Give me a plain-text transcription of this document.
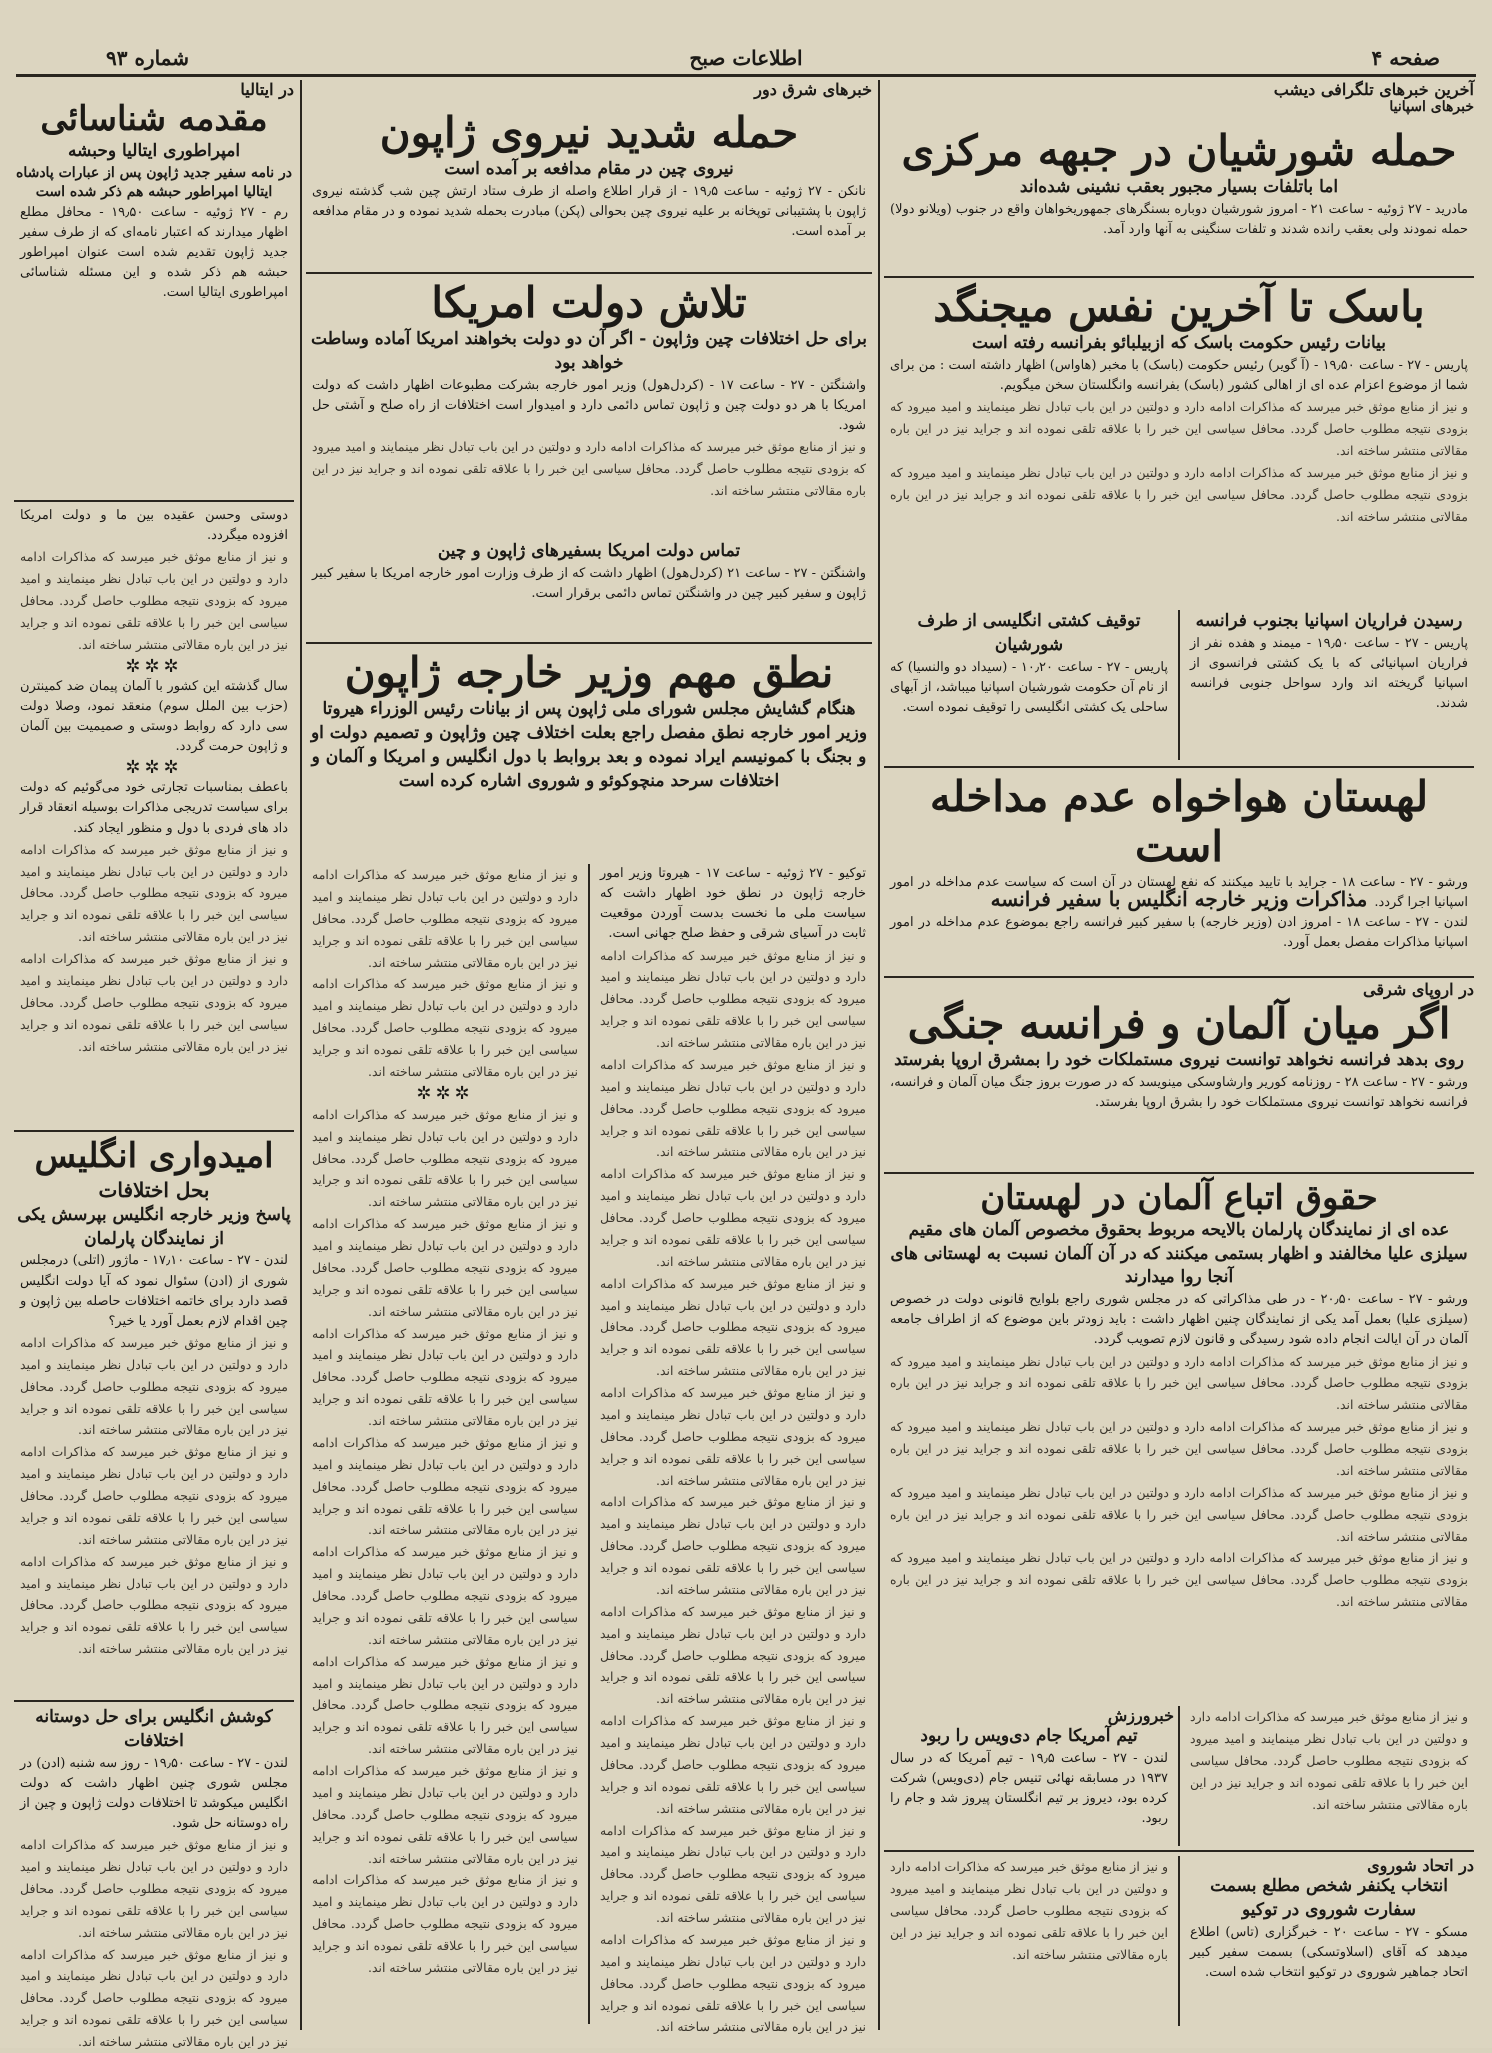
شماره ۹۳	اطلاعات صبح	صفحه ۴
آخرین خبرهای تلگرافی دیشب
خبرهای اسپانیا
حمله شورشیان در جبهه مرکزی
اما باتلفات بسیار مجبور بعقب نشینی شده‌اند
مادرید - ۲۷ ژوئیه - ساعت ۲۱ - امروز شورشیان دوباره بسنگرهای جمهوریخواهان واقع در جنوب (ویلانو دولا) حمله نمودند ولی بعقب رانده شدند و تلفات سنگینی به آنها وارد آمد.
باسک تا آخرین نفس میجنگد
بیانات رئیس حکومت باسک که ازبیلبائو بفرانسه رفته است
پاریس - ۲۷ - ساعت ۱۹٫۵۰ - (آ گویر) رئیس حکومت (باسک) با مخبر (هاواس) اظهار داشته است : من برای شما از موضوع اعزام عده ای از اهالی کشور (باسک) بفرانسه وانگلستان سخن میگویم.
و نیز از منابع موثق خبر میرسد که مذاکرات ادامه دارد و دولتین در این باب تبادل نظر مینمایند و امید میرود که بزودی نتیجه مطلوب حاصل گردد. محافل سیاسی این خبر را با علاقه تلقی نموده اند و جراید نیز در این باره مقالاتی منتشر ساخته اند.
و نیز از منابع موثق خبر میرسد که مذاکرات ادامه دارد و دولتین در این باب تبادل نظر مینمایند و امید میرود که بزودی نتیجه مطلوب حاصل گردد. محافل سیاسی این خبر را با علاقه تلقی نموده اند و جراید نیز در این باره مقالاتی منتشر ساخته اند.
توقیف کشتی انگلیسی از طرف شورشیان
پاریس - ۲۷ - ساعت ۱۰٫۲۰ - (سیداد دو والنسیا) که از نام آن حکومت شورشیان اسپانیا میباشد، از آبهای ساحلی یک کشتی انگلیسی را توقیف نموده است.
رسیدن فراریان اسپانیا بجنوب فرانسه
پاریس - ۲۷ - ساعت ۱۹٫۵۰ - میمند و هفده نفر از فراریان اسپانیائی که با یک کشتی فرانسوی از اسپانیا گریخته اند وارد سواحل جنوبی فرانسه شدند.
لهستان هواخواه عدم مداخله است
ورشو - ۲۷ - ساعت ۱۸ - جراید با تایید میکنند که نفع لهستان در آن است که سیاست عدم مداخله در امور اسپانیا اجرا گردد.
مذاکرات وزیر خارجه انگلیس با سفیر فرانسه
لندن - ۲۷ - ساعت ۱۸ - امروز ادن (وزیر خارجه) با سفیر کبیر فرانسه راجع بموضوع عدم مداخله در امور اسپانیا مذاکرات مفصل بعمل آورد.
در اروپای شرقی
اگر میان آلمان و فرانسه جنگی
روی بدهد فرانسه نخواهد توانست نیروی مستملکات خود را بمشرق اروپا بفرستد
ورشو - ۲۷ - ساعت ۲۸ - روزنامه کوریر وارشاوسکی مینویسد که در صورت بروز جنگ میان آلمان و فرانسه، فرانسه نخواهد توانست نیروی مستملکات خود را بشرق اروپا بفرستد.
حقوق اتباع آلمان در لهستان
عده ای از نمایندگان پارلمان بالایحه مربوط بحقوق مخصوص آلمان های مقیم سیلزی علیا مخالفند و اظهار بستمی میکنند که در آن آلمان نسبت به لهستانی های آنجا روا میدارند
ورشو - ۲۷ - ساعت ۲۰٫۵۰ - در طی مذاکراتی که در مجلس شوری راجع بلوایح قانونی دولت در خصوص (سیلزی علیا) بعمل آمد یکی از نمایندگان چنین اظهار داشت : باید زودتر باین موضوع که از اطراف جامعه آلمان در آن ایالت انجام داده شود رسیدگی و قانون لازم تصویب گردد.
و نیز از منابع موثق خبر میرسد که مذاکرات ادامه دارد و دولتین در این باب تبادل نظر مینمایند و امید میرود که بزودی نتیجه مطلوب حاصل گردد. محافل سیاسی این خبر را با علاقه تلقی نموده اند و جراید نیز در این باره مقالاتی منتشر ساخته اند.
و نیز از منابع موثق خبر میرسد که مذاکرات ادامه دارد و دولتین در این باب تبادل نظر مینمایند و امید میرود که بزودی نتیجه مطلوب حاصل گردد. محافل سیاسی این خبر را با علاقه تلقی نموده اند و جراید نیز در این باره مقالاتی منتشر ساخته اند.
و نیز از منابع موثق خبر میرسد که مذاکرات ادامه دارد و دولتین در این باب تبادل نظر مینمایند و امید میرود که بزودی نتیجه مطلوب حاصل گردد. محافل سیاسی این خبر را با علاقه تلقی نموده اند و جراید نیز در این باره مقالاتی منتشر ساخته اند.
و نیز از منابع موثق خبر میرسد که مذاکرات ادامه دارد و دولتین در این باب تبادل نظر مینمایند و امید میرود که بزودی نتیجه مطلوب حاصل گردد. محافل سیاسی این خبر را با علاقه تلقی نموده اند و جراید نیز در این باره مقالاتی منتشر ساخته اند.
خبرورزش
تیم آمریکا جام دی‌ویس را ربود
لندن - ۲۷ - ساعت ۱۹٫۵ - تیم آمریکا که در سال ۱۹۳۷ در مسابقه نهائی تنیس جام (دی‌ویس) شرکت کرده بود، دیروز بر تیم انگلستان پیروز شد و جام را ربود.
و نیز از منابع موثق خبر میرسد که مذاکرات ادامه دارد و دولتین در این باب تبادل نظر مینمایند و امید میرود که بزودی نتیجه مطلوب حاصل گردد. محافل سیاسی این خبر را با علاقه تلقی نموده اند و جراید نیز در این باره مقالاتی منتشر ساخته اند.
و نیز از منابع موثق خبر میرسد که مذاکرات ادامه دارد و دولتین در این باب تبادل نظر مینمایند و امید میرود که بزودی نتیجه مطلوب حاصل گردد. محافل سیاسی این خبر را با علاقه تلقی نموده اند و جراید نیز در این باره مقالاتی منتشر ساخته اند.
در اتحاد شوروی
انتخاب یکنفر شخص مطلع بسمت سفارت شوروی در توکیو
مسکو - ۲۷ - ساعت ۲۰ - خبرگزاری (تاس) اطلاع میدهد که آقای (اسلاوتسکی) بسمت سفیر کبیر اتحاد جماهیر شوروی در توکیو انتخاب شده است.
خبرهای شرق دور
حمله شدید نیروی ژاپون
نیروی چین در مقام مدافعه بر آمده است
نانکن - ۲۷ ژوئیه - ساعت ۱۹٫۵ - از قرار اطلاع واصله از طرف ستاد ارتش چین شب گذشته نیروی ژاپون با پشتیبانی توپخانه بر علیه نیروی چین بحوالی (پکن) مبادرت بحمله شدید نموده و در مقام مدافعه بر آمده است.
تلاش دولت امریکا
برای حل اختلافات چین وژاپون - اگر آن دو دولت بخواهند امریکا آماده وساطت خواهد بود
واشنگتن - ۲۷ - ساعت ۱۷ - (کردل‌هول) وزیر امور خارجه بشرکت مطبوعات اظهار داشت که دولت امریکا با هر دو دولت چین و ژاپون تماس دائمی دارد و امیدوار است اختلافات از راه صلح و آشتی حل شود.
و نیز از منابع موثق خبر میرسد که مذاکرات ادامه دارد و دولتین در این باب تبادل نظر مینمایند و امید میرود که بزودی نتیجه مطلوب حاصل گردد. محافل سیاسی این خبر را با علاقه تلقی نموده اند و جراید نیز در این باره مقالاتی منتشر ساخته اند.
تماس دولت امریکا بسفیرهای ژاپون و چین
واشنگتن - ۲۷ - ساعت ۲۱ (کردل‌هول) اظهار داشت که از طرف وزارت امور خارجه امریکا با سفیر کبیر ژاپون و سفیر کبیر چین در واشنگتن تماس دائمی برقرار است.
نطق مهم وزیر خارجه ژاپون
هنگام گشایش مجلس شورای ملی ژاپون پس از بیانات رئیس الوزراء هیروتا وزیر امور خارجه نطق مفصل راجع بعلت اختلاف چین وژاپون و تصمیم دولت او و بجنگ با کمونیسم ایراد نموده و بعد بروابط با دول انگلیس و امریکا و آلمان و اختلافات سرحد منچوکوئو و شوروی اشاره کرده است
توکیو - ۲۷ ژوئیه - ساعت ۱۷ - هیروتا وزیر امور خارجه ژاپون در نطق خود اظهار داشت که سیاست ملی ما نخست بدست آوردن موقعیت ثابت در آسیای شرقی و حفظ صلح جهانی است.
و نیز از منابع موثق خبر میرسد که مذاکرات ادامه دارد و دولتین در این باب تبادل نظر مینمایند و امید میرود که بزودی نتیجه مطلوب حاصل گردد. محافل سیاسی این خبر را با علاقه تلقی نموده اند و جراید نیز در این باره مقالاتی منتشر ساخته اند.
و نیز از منابع موثق خبر میرسد که مذاکرات ادامه دارد و دولتین در این باب تبادل نظر مینمایند و امید میرود که بزودی نتیجه مطلوب حاصل گردد. محافل سیاسی این خبر را با علاقه تلقی نموده اند و جراید نیز در این باره مقالاتی منتشر ساخته اند.
و نیز از منابع موثق خبر میرسد که مذاکرات ادامه دارد و دولتین در این باب تبادل نظر مینمایند و امید میرود که بزودی نتیجه مطلوب حاصل گردد. محافل سیاسی این خبر را با علاقه تلقی نموده اند و جراید نیز در این باره مقالاتی منتشر ساخته اند.
و نیز از منابع موثق خبر میرسد که مذاکرات ادامه دارد و دولتین در این باب تبادل نظر مینمایند و امید میرود که بزودی نتیجه مطلوب حاصل گردد. محافل سیاسی این خبر را با علاقه تلقی نموده اند و جراید نیز در این باره مقالاتی منتشر ساخته اند.
و نیز از منابع موثق خبر میرسد که مذاکرات ادامه دارد و دولتین در این باب تبادل نظر مینمایند و امید میرود که بزودی نتیجه مطلوب حاصل گردد. محافل سیاسی این خبر را با علاقه تلقی نموده اند و جراید نیز در این باره مقالاتی منتشر ساخته اند.
و نیز از منابع موثق خبر میرسد که مذاکرات ادامه دارد و دولتین در این باب تبادل نظر مینمایند و امید میرود که بزودی نتیجه مطلوب حاصل گردد. محافل سیاسی این خبر را با علاقه تلقی نموده اند و جراید نیز در این باره مقالاتی منتشر ساخته اند.
و نیز از منابع موثق خبر میرسد که مذاکرات ادامه دارد و دولتین در این باب تبادل نظر مینمایند و امید میرود که بزودی نتیجه مطلوب حاصل گردد. محافل سیاسی این خبر را با علاقه تلقی نموده اند و جراید نیز در این باره مقالاتی منتشر ساخته اند.
و نیز از منابع موثق خبر میرسد که مذاکرات ادامه دارد و دولتین در این باب تبادل نظر مینمایند و امید میرود که بزودی نتیجه مطلوب حاصل گردد. محافل سیاسی این خبر را با علاقه تلقی نموده اند و جراید نیز در این باره مقالاتی منتشر ساخته اند.
و نیز از منابع موثق خبر میرسد که مذاکرات ادامه دارد و دولتین در این باب تبادل نظر مینمایند و امید میرود که بزودی نتیجه مطلوب حاصل گردد. محافل سیاسی این خبر را با علاقه تلقی نموده اند و جراید نیز در این باره مقالاتی منتشر ساخته اند.
و نیز از منابع موثق خبر میرسد که مذاکرات ادامه دارد و دولتین در این باب تبادل نظر مینمایند و امید میرود که بزودی نتیجه مطلوب حاصل گردد. محافل سیاسی این خبر را با علاقه تلقی نموده اند و جراید نیز در این باره مقالاتی منتشر ساخته اند.
و نیز از منابع موثق خبر میرسد که مذاکرات ادامه دارد و دولتین در این باب تبادل نظر مینمایند و امید میرود که بزودی نتیجه مطلوب حاصل گردد. محافل سیاسی این خبر را با علاقه تلقی نموده اند و جراید نیز در این باره مقالاتی منتشر ساخته اند.
و نیز از منابع موثق خبر میرسد که مذاکرات ادامه دارد و دولتین در این باب تبادل نظر مینمایند و امید میرود که بزودی نتیجه مطلوب حاصل گردد. محافل سیاسی این خبر را با علاقه تلقی نموده اند و جراید نیز در این باره مقالاتی منتشر ساخته اند.
✲✲✲
و نیز از منابع موثق خبر میرسد که مذاکرات ادامه دارد و دولتین در این باب تبادل نظر مینمایند و امید میرود که بزودی نتیجه مطلوب حاصل گردد. محافل سیاسی این خبر را با علاقه تلقی نموده اند و جراید نیز در این باره مقالاتی منتشر ساخته اند.
و نیز از منابع موثق خبر میرسد که مذاکرات ادامه دارد و دولتین در این باب تبادل نظر مینمایند و امید میرود که بزودی نتیجه مطلوب حاصل گردد. محافل سیاسی این خبر را با علاقه تلقی نموده اند و جراید نیز در این باره مقالاتی منتشر ساخته اند.
و نیز از منابع موثق خبر میرسد که مذاکرات ادامه دارد و دولتین در این باب تبادل نظر مینمایند و امید میرود که بزودی نتیجه مطلوب حاصل گردد. محافل سیاسی این خبر را با علاقه تلقی نموده اند و جراید نیز در این باره مقالاتی منتشر ساخته اند.
و نیز از منابع موثق خبر میرسد که مذاکرات ادامه دارد و دولتین در این باب تبادل نظر مینمایند و امید میرود که بزودی نتیجه مطلوب حاصل گردد. محافل سیاسی این خبر را با علاقه تلقی نموده اند و جراید نیز در این باره مقالاتی منتشر ساخته اند.
و نیز از منابع موثق خبر میرسد که مذاکرات ادامه دارد و دولتین در این باب تبادل نظر مینمایند و امید میرود که بزودی نتیجه مطلوب حاصل گردد. محافل سیاسی این خبر را با علاقه تلقی نموده اند و جراید نیز در این باره مقالاتی منتشر ساخته اند.
و نیز از منابع موثق خبر میرسد که مذاکرات ادامه دارد و دولتین در این باب تبادل نظر مینمایند و امید میرود که بزودی نتیجه مطلوب حاصل گردد. محافل سیاسی این خبر را با علاقه تلقی نموده اند و جراید نیز در این باره مقالاتی منتشر ساخته اند.
و نیز از منابع موثق خبر میرسد که مذاکرات ادامه دارد و دولتین در این باب تبادل نظر مینمایند و امید میرود که بزودی نتیجه مطلوب حاصل گردد. محافل سیاسی این خبر را با علاقه تلقی نموده اند و جراید نیز در این باره مقالاتی منتشر ساخته اند.
و نیز از منابع موثق خبر میرسد که مذاکرات ادامه دارد و دولتین در این باب تبادل نظر مینمایند و امید میرود که بزودی نتیجه مطلوب حاصل گردد. محافل سیاسی این خبر را با علاقه تلقی نموده اند و جراید نیز در این باره مقالاتی منتشر ساخته اند.
در ایتالیا
مقدمه شناسائی
امپراطوری ایتالیا وحبشه
در نامه سفیر جدید ژاپون پس از عبارات پادشاه ایتالیا امپراطور حبشه هم ذکر شده است
رم - ۲۷ ژوئیه - ساعت ۱۹٫۵۰ - محافل مطلع اظهار میدارند که اعتبار نامه‌ای که از طرف سفیر جدید ژاپون تقدیم شده است عنوان امپراطور حبشه هم ذکر شده و این مسئله شناسائی امپراطوری ایتالیا است.
دوستی وحسن عقیده بین ما و دولت امریکا افزوده میگردد.
و نیز از منابع موثق خبر میرسد که مذاکرات ادامه دارد و دولتین در این باب تبادل نظر مینمایند و امید میرود که بزودی نتیجه مطلوب حاصل گردد. محافل سیاسی این خبر را با علاقه تلقی نموده اند و جراید نیز در این باره مقالاتی منتشر ساخته اند.
✲✲✲
سال گذشته این کشور با آلمان پیمان ضد کمینترن (حزب بین الملل سوم) منعقد نمود، وصلا دولت سی دارد که روابط دوستی و صمیمیت بین آلمان و ژاپون حرمت گردد.
✲✲✲
باعطف بمناسبات تجارتی خود می‌گوئیم که دولت برای سیاست تدریجی مذاکرات بوسیله انعقاد قرار داد های فردی با دول و منظور ایجاد کند.
و نیز از منابع موثق خبر میرسد که مذاکرات ادامه دارد و دولتین در این باب تبادل نظر مینمایند و امید میرود که بزودی نتیجه مطلوب حاصل گردد. محافل سیاسی این خبر را با علاقه تلقی نموده اند و جراید نیز در این باره مقالاتی منتشر ساخته اند.
و نیز از منابع موثق خبر میرسد که مذاکرات ادامه دارد و دولتین در این باب تبادل نظر مینمایند و امید میرود که بزودی نتیجه مطلوب حاصل گردد. محافل سیاسی این خبر را با علاقه تلقی نموده اند و جراید نیز در این باره مقالاتی منتشر ساخته اند.
امیدواری انگلیس
بحل اختلافات
پاسخ وزیر خارجه انگلیس بپرسش یکی از نمایندگان پارلمان
لندن - ۲۷ - ساعت ۱۷٫۱۰ - ماژور (اتلی) درمجلس شوری از (ادن) سئوال نمود که آیا دولت انگلیس قصد دارد برای خاتمه اختلافات حاصله بین ژاپون و چین اقدام لازم بعمل آورد یا خیر؟
و نیز از منابع موثق خبر میرسد که مذاکرات ادامه دارد و دولتین در این باب تبادل نظر مینمایند و امید میرود که بزودی نتیجه مطلوب حاصل گردد. محافل سیاسی این خبر را با علاقه تلقی نموده اند و جراید نیز در این باره مقالاتی منتشر ساخته اند.
و نیز از منابع موثق خبر میرسد که مذاکرات ادامه دارد و دولتین در این باب تبادل نظر مینمایند و امید میرود که بزودی نتیجه مطلوب حاصل گردد. محافل سیاسی این خبر را با علاقه تلقی نموده اند و جراید نیز در این باره مقالاتی منتشر ساخته اند.
و نیز از منابع موثق خبر میرسد که مذاکرات ادامه دارد و دولتین در این باب تبادل نظر مینمایند و امید میرود که بزودی نتیجه مطلوب حاصل گردد. محافل سیاسی این خبر را با علاقه تلقی نموده اند و جراید نیز در این باره مقالاتی منتشر ساخته اند.
کوشش انگلیس برای حل دوستانه اختلافات
لندن - ۲۷ - ساعت ۱۹٫۵۰ - روز سه شنبه (ادن) در مجلس شوری چنین اظهار داشت که دولت انگلیس میکوشد تا اختلافات دولت ژاپون و چین از راه دوستانه حل شود.
و نیز از منابع موثق خبر میرسد که مذاکرات ادامه دارد و دولتین در این باب تبادل نظر مینمایند و امید میرود که بزودی نتیجه مطلوب حاصل گردد. محافل سیاسی این خبر را با علاقه تلقی نموده اند و جراید نیز در این باره مقالاتی منتشر ساخته اند.
و نیز از منابع موثق خبر میرسد که مذاکرات ادامه دارد و دولتین در این باب تبادل نظر مینمایند و امید میرود که بزودی نتیجه مطلوب حاصل گردد. محافل سیاسی این خبر را با علاقه تلقی نموده اند و جراید نیز در این باره مقالاتی منتشر ساخته اند.
